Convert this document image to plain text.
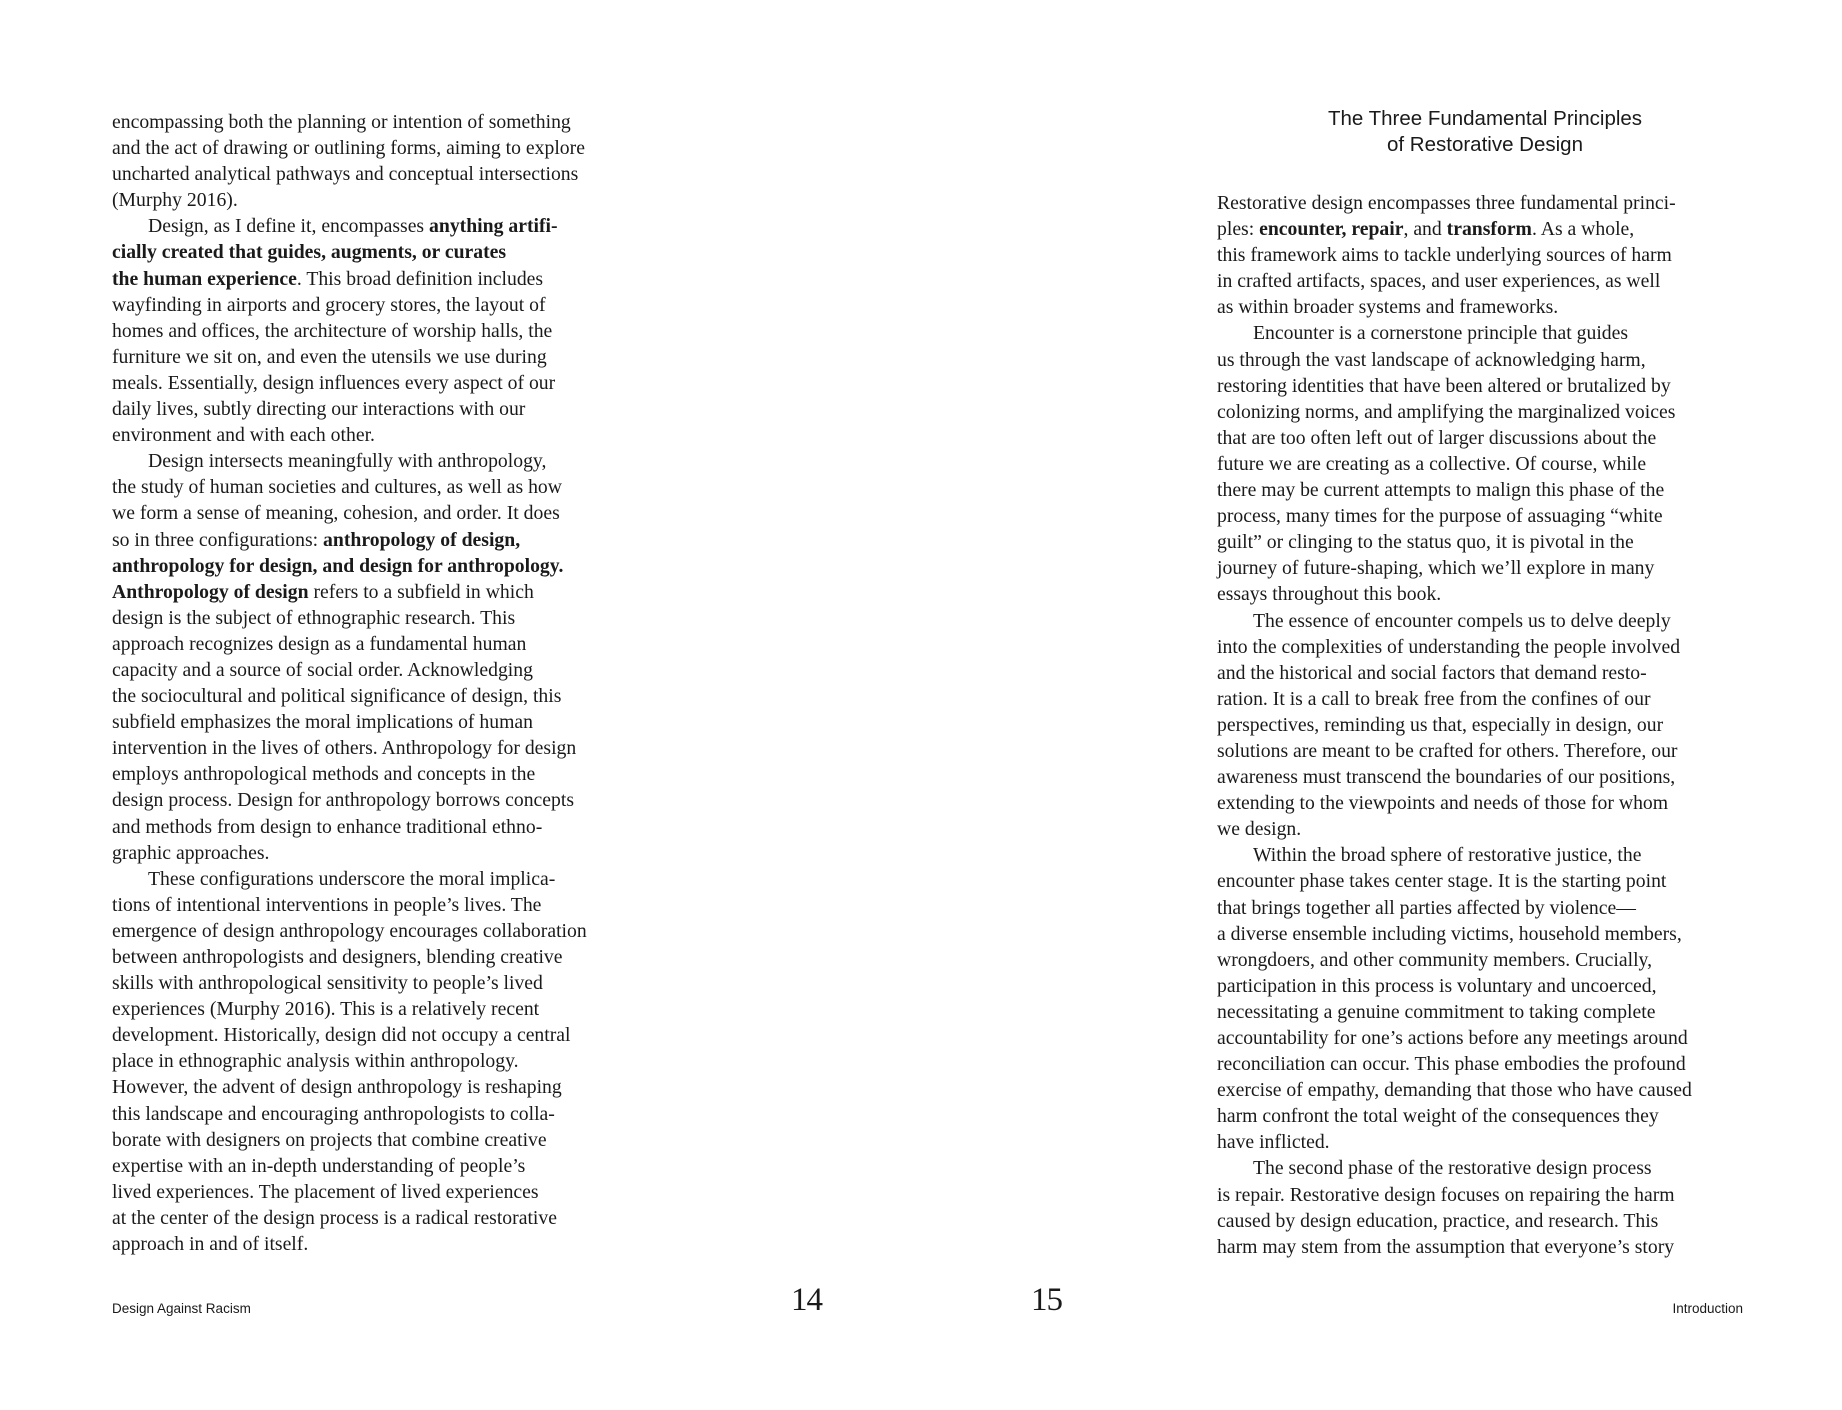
encompassing both the planning or intention of something
and the act of drawing or outlining forms, aiming to explore
uncharted analytical pathways and conceptual intersections
(Murphy 2016).
Design, as I define it, encompasses anything artifi-
cially created that guides, augments, or curates
the human experience. This broad definition includes
wayfinding in airports and grocery stores, the layout of
homes and offices, the architecture of worship halls, the
furniture we sit on, and even the utensils we use during
meals. Essentially, design influences every aspect of our
daily lives, subtly directing our interactions with our
environment and with each other.
Design intersects meaningfully with anthropology,
the study of human societies and cultures, as well as how
we form a sense of meaning, cohesion, and order. It does
so in three configurations: anthropology of design,
anthropology for design, and design for anthropology.
Anthropology of design refers to a subfield in which
design is the subject of ethnographic research. This
approach recognizes design as a fundamental human
capacity and a source of social order. Acknowledging
the sociocultural and political significance of design, this
subfield emphasizes the moral implications of human
intervention in the lives of others. Anthropology for design
employs anthropological methods and concepts in the
design process. Design for anthropology borrows concepts
and methods from design to enhance traditional ethno-
graphic approaches.
These configurations underscore the moral implica-
tions of intentional interventions in people’s lives. The
emergence of design anthropology encourages collaboration
between anthropologists and designers, blending creative
skills with anthropological sensitivity to people’s lived
experiences (Murphy 2016). This is a relatively recent
development. Historically, design did not occupy a central
place in ethnographic analysis within anthropology.
However, the advent of design anthropology is reshaping
this landscape and encouraging anthropologists to colla-
borate with designers on projects that combine creative
expertise with an in-depth understanding of people’s
lived experiences. The placement of lived experiences
at the center of the design process is a radical restorative
approach in and of itself.
Design Against Racism	14
The Three Fundamental Principles
of Restorative Design
Restorative design encompasses three fundamental princi-
ples: encounter, repair, and transform. As a whole,
this framework aims to tackle underlying sources of harm
in crafted artifacts, spaces, and user experiences, as well
as within broader systems and frameworks.
Encounter is a cornerstone principle that guides
us through the vast landscape of acknowledging harm,
restoring identities that have been altered or brutalized by
colonizing norms, and amplifying the marginalized voices
that are too often left out of larger discussions about the
future we are creating as a collective. Of course, while
there may be current attempts to malign this phase of the
process, many times for the purpose of assuaging “white
guilt” or clinging to the status quo, it is pivotal in the
journey of future-shaping, which we’ll explore in many
essays throughout this book.
The essence of encounter compels us to delve deeply
into the complexities of understanding the people involved
and the historical and social factors that demand resto-
ration. It is a call to break free from the confines of our
perspectives, reminding us that, especially in design, our
solutions are meant to be crafted for others. Therefore, our
awareness must transcend the boundaries of our positions,
extending to the viewpoints and needs of those for whom
we design.
Within the broad sphere of restorative justice, the
encounter phase takes center stage. It is the starting point
that brings together all parties affected by violence—
a diverse ensemble including victims, household members,
wrongdoers, and other community members. Crucially,
participation in this process is voluntary and uncoerced,
necessitating a genuine commitment to taking complete
accountability for one’s actions before any meetings around
reconciliation can occur. This phase embodies the profound
exercise of empathy, demanding that those who have caused
harm confront the total weight of the consequences they
have inflicted.
The second phase of the restorative design process
is repair. Restorative design focuses on repairing the harm
caused by design education, practice, and research. This
harm may stem from the assumption that everyone’s story
Introduction
15
